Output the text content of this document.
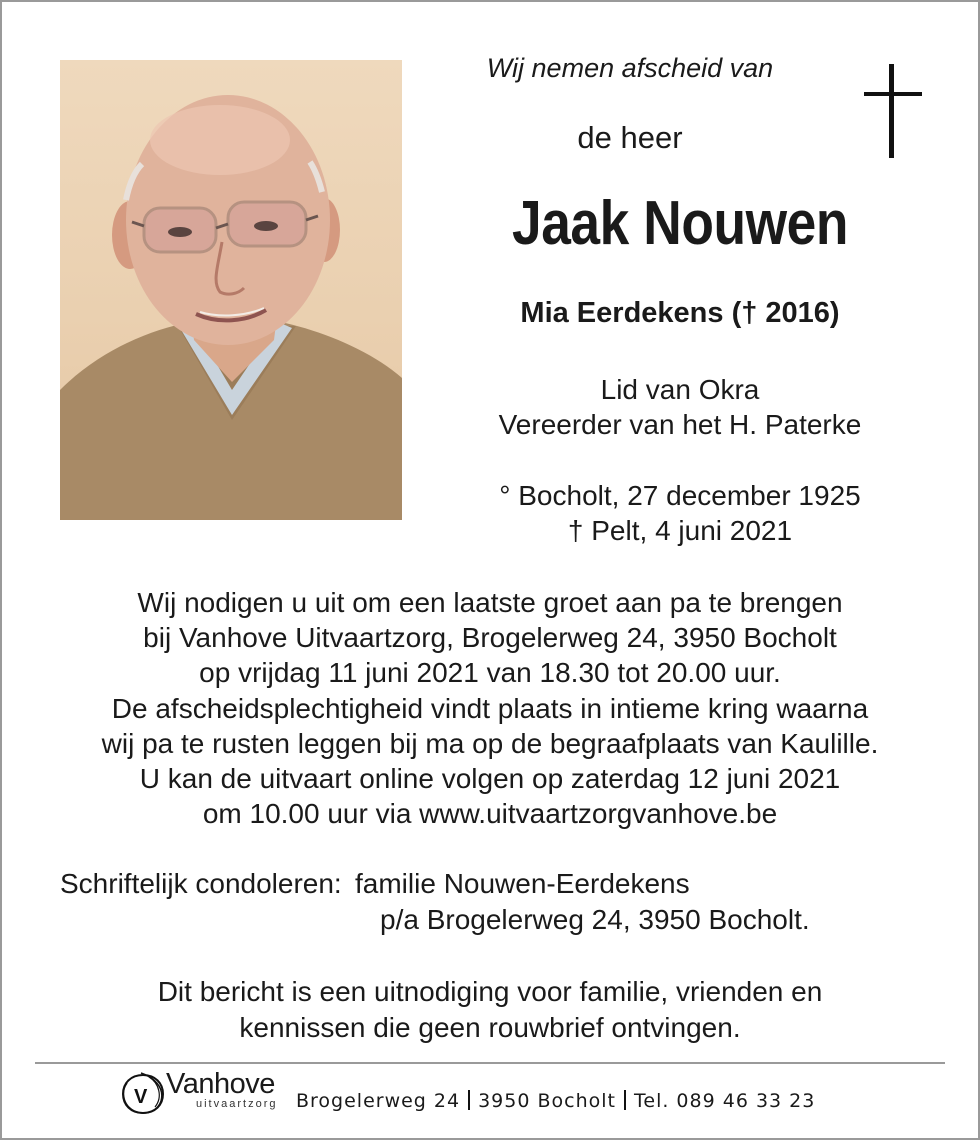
Wij nemen afscheid van
de heer
Jaak Nouwen
Mia Eerdekens († 2016)
Lid van Okra
Vereerder van het H. Paterke
° Bocholt, 27 december 1925
† Pelt, 4 juni 2021
Wij nodigen u uit om een laatste groet aan pa te brengen
bij Vanhove Uitvaartzorg, Brogelerweg 24, 3950 Bocholt
op vrijdag 11 juni 2021 van 18.30 tot 20.00 uur.
De afscheidsplechtigheid vindt plaats in intieme kring waarna
wij pa te rusten leggen bij ma op de begraafplaats van Kaulille.
U kan de uitvaart online volgen op zaterdag 12 juni 2021
om 10.00 uur via www.uitvaartzorgvanhove.be
Schriftelijk condoleren: familie Nouwen-Eerdekens
p/a Brogelerweg 24, 3950 Bocholt.
Dit bericht is een uitnodiging voor familie, vrienden en
kennissen die geen rouwbrief ontvingen.
V Vanhove
uitvaartzorg Brogelerweg 24 3950 Bocholt Tel. 089 46 33 23
